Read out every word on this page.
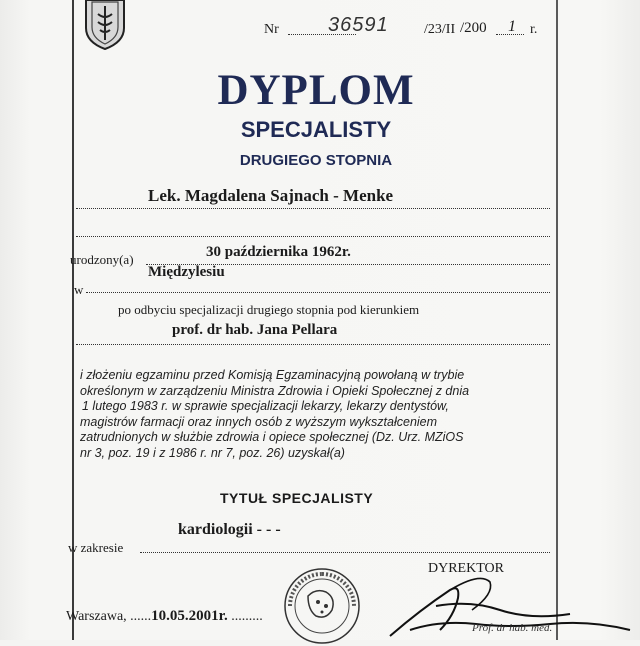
Nr 36591	/23/II /200 1 r.
DYPLOM
SPECJALISTY
DRUGIEGO STOPNIA
Lek. Magdalena Sajnach - Menke
urodzony(a)	30 października 1962r.
Międzylesiu
w
po odbyciu specjalizacji drugiego stopnia pod kierunkiem
prof. dr hab. Jana Pellara
i złożeniu egzaminu przed Komisją Egzaminacyjną powołaną w trybie
określonym w zarządzeniu Ministra Zdrowia i Opieki Społecznej z dnia
1 lutego 1983 r. w sprawie specjalizacji lekarzy, lekarzy dentystów,
magistrów farmacji oraz innych osób z wyższym wykształceniem
zatrudnionych w służbie zdrowia i opiece społecznej (Dz. Urz. MZiOS
nr 3, poz. 19 i z 1986 r. nr 7, poz. 26) uzyskał(a)
TYTUŁ SPECJALISTY
kardiologii - - -
w zakresie
DYREKTOR
Warszawa, ......10.05.2001r. .........
Prof. dr hab. med.
